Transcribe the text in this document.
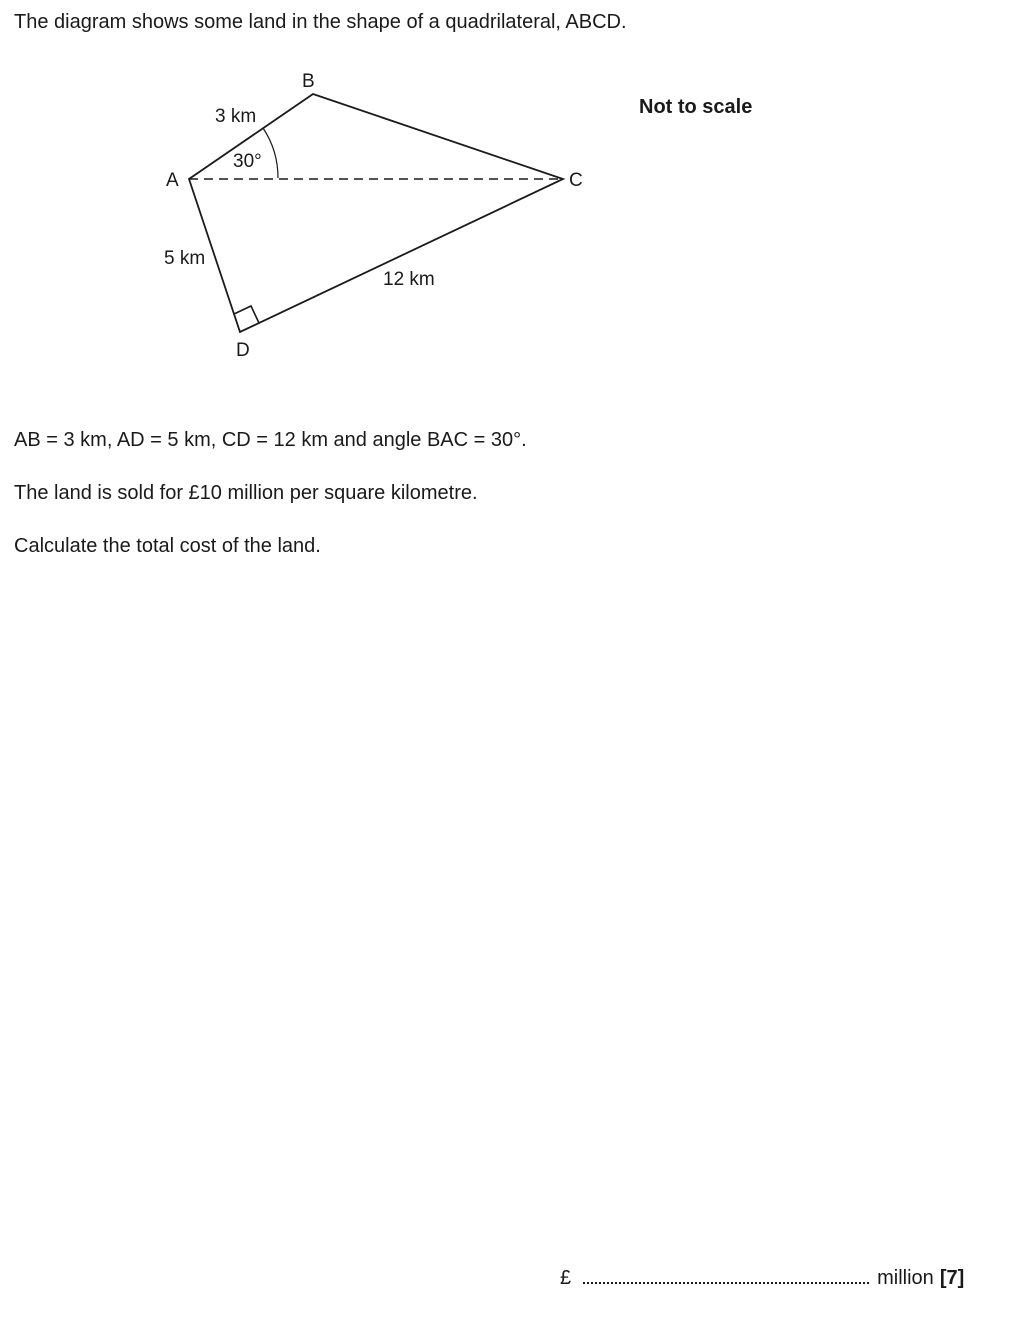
The diagram shows some land in the shape of a quadrilateral, ABCD.
A
B
C
D
3 km
5 km
12 km
30°
Not to scale
AB = 3 km, AD = 5 km, CD = 12 km and angle BAC = 30°.
The land is sold for £10 million per square kilometre.
Calculate the total cost of the land.
£	million [7]
